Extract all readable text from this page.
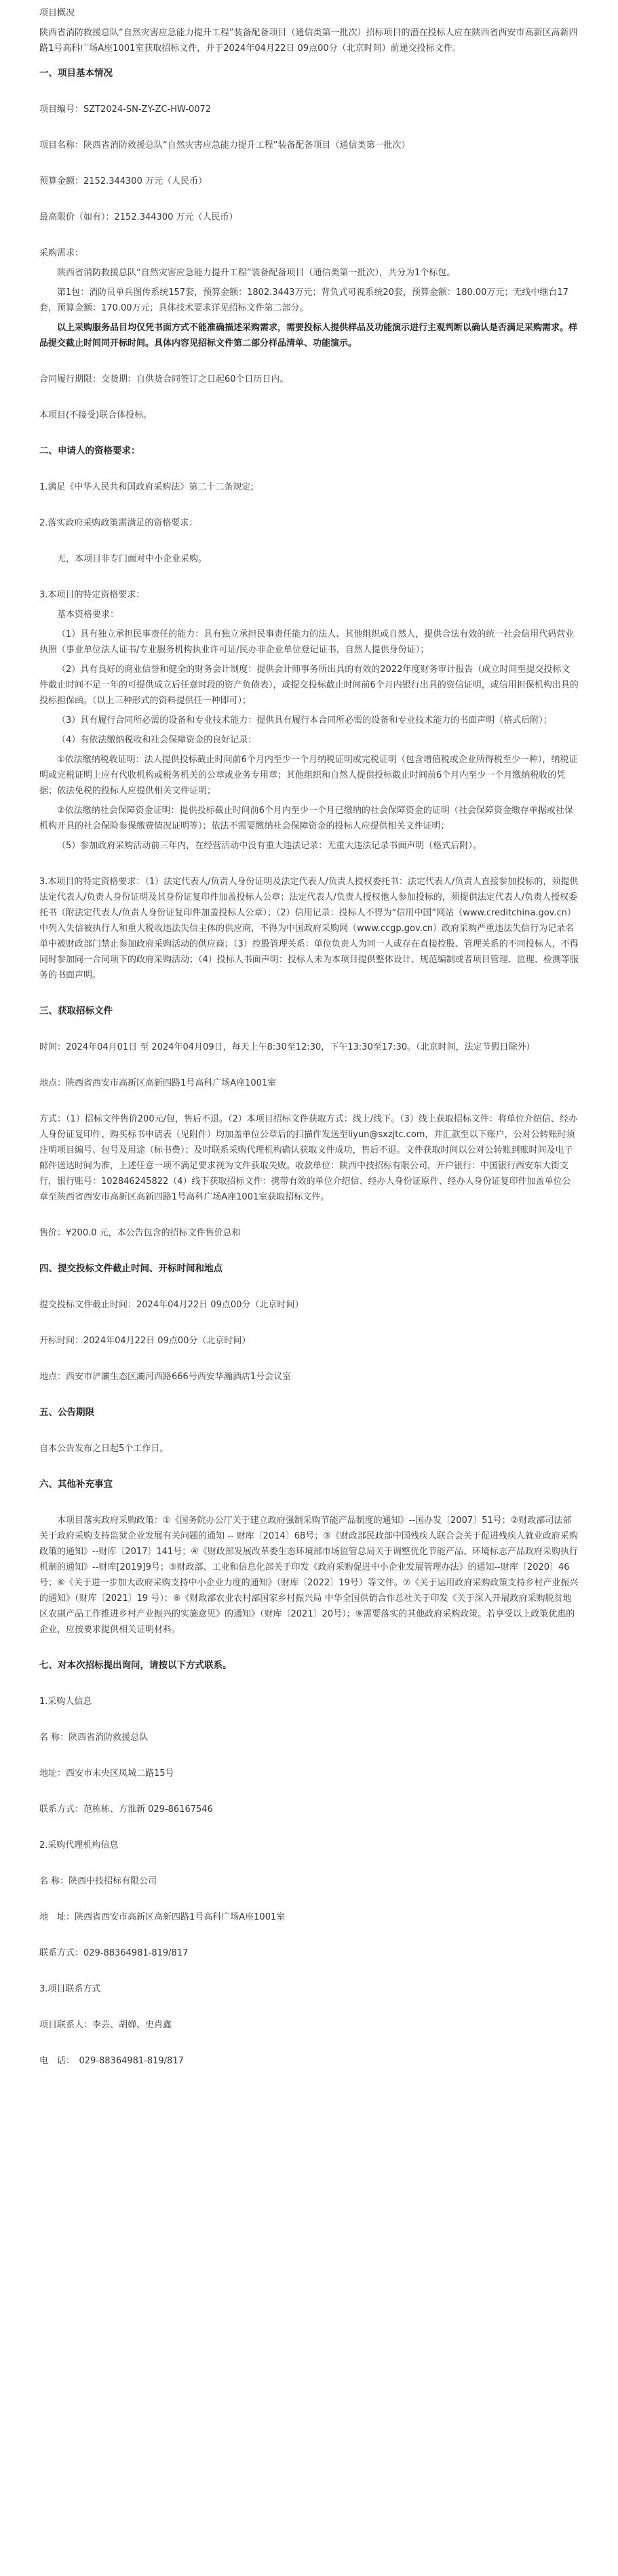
项目概况

陕西省消防救援总队“自然灾害应急能力提升工程”装备配备项目（通信类第一批次）招标项目的潜在投标人应在陕西省西安市高新区高新四路1号高科广场A座1001室获取招标文件，并于2024年04月22日 09点00分（北京时间）前递交投标文件。

一、项目基本情况

项目编号：SZT2024-SN-ZY-ZC-HW-0072

项目名称：陕西省消防救援总队“自然灾害应急能力提升工程”装备配备项目（通信类第一批次）

预算金额：2152.344300 万元（人民币）

最高限价（如有）：2152.344300 万元（人民币）

采购需求：

陕西省消防救援总队“自然灾害应急能力提升工程”装备配备项目（通信类第一批次），共分为1个标包。

第1包：消防员单兵图传系统157套，预算金额：1802.3443万元；背负式可视系统20套，预算金额：180.00万元；无线中继台17套，预算金额：170.00万元；具体技术要求详见招标文件第二部分。

以上采购服务品目均仅凭书面方式不能准确描述采购需求，需要投标人提供样品及功能演示进行主观判断以确认是否满足采购需求。样品提交截止时间同开标时间。具体内容见招标文件第二部分样品清单、功能演示。

合同履行期限：交货期：自供货合同签订之日起60个日历日内。

本项目(不接受)联合体投标。

二、申请人的资格要求：

1.满足《中华人民共和国政府采购法》第二十二条规定;

2.落实政府采购政策需满足的资格要求：

无，本项目非专门面对中小企业采购。

3.本项目的特定资格要求：

基本资格要求：

（1）具有独立承担民事责任的能力：具有独立承担民事责任能力的法人、其他组织或自然人，提供合法有效的统一社会信用代码营业执照（事业单位法人证书/专业服务机构执业许可证/民办非企业单位登记证书，自然人提供身份证）；

（2）具有良好的商业信誉和健全的财务会计制度：提供会计师事务所出具的有效的2022年度财务审计报告（成立时间至提交投标文件截止时间不足一年的可提供成立后任意时段的资产负债表），或提交投标截止时间前6个月内银行出具的资信证明，或信用担保机构出具的投标担保函。（以上三种形式的资料提供任一种即可）；

（3）具有履行合同所必需的设备和专业技术能力：提供具有履行本合同所必需的设备和专业技术能力的书面声明（格式后附）；

（4）有依法缴纳税收和社会保障资金的良好记录：

①依法缴纳税收证明：法人提供投标截止时间前6个月内至少一个月纳税证明或完税证明（包含增值税或企业所得税至少一种），纳税证明或完税证明上应有代收机构或税务机关的公章或业务专用章；其他组织和自然人提供投标截止时间前6个月内至少一个月缴纳税收的凭据；依法免税的投标人应提供相关文件证明；

②依法缴纳社会保障资金证明：提供投标截止时间前6个月内至少一个月已缴纳的社会保障资金的证明（社会保障资金缴存单据或社保机构开具的社会保险参保缴费情况证明等）；依法不需要缴纳社会保障资金的投标人应提供相关文件证明；

（5）参加政府采购活动前三年内，在经营活动中没有重大违法记录：无重大违法记录书面声明（格式后附）。

3.本项目的特定资格要求：（1）法定代表人/负责人身份证明及法定代表人/负责人授权委托书：法定代表人/负责人直接参加投标的，须提供法定代表人/负责人身份证明及其身份证复印件加盖投标人公章；法定代表人/负责人授权他人参加投标的，须提供法定代表人/负责人授权委托书（附法定代表人/负责人身份证复印件加盖投标人公章）；（2）信用记录：投标人不得为“信用中国”网站（www.creditchina.gov.cn）中列入失信被执行人和重大税收违法失信主体的供应商，不得为中国政府采购网（www.ccgp.gov.cn）政府采购严重违法失信行为记录名单中被财政部门禁止参加政府采购活动的供应商；（3）控股管理关系：单位负责人为同一人或存在直接控股、管理关系的不同投标人，不得同时参加同一合同项下的政府采购活动；（4）投标人书面声明：投标人未为本项目提供整体设计、规范编制或者项目管理、监理、检测等服务的书面声明。

三、获取招标文件

时间：2024年04月01日 至 2024年04月09日，每天上午8:30至12:30，下午13:30至17:30。（北京时间，法定节假日除外）

地点：陕西省西安市高新区高新四路1号高科广场A座1001室

方式：（1）招标文件售价200元/包，售后不退。（2）本项目招标文件获取方式：线上/线下。（3）线上获取招标文件：将单位介绍信、经办人身份证复印件、购买标书申请表（见附件）均加盖单位公章后的扫描件发送至liyun@sxzjtc.com，并汇款至以下账户，公对公转账时须注明项目编号、包号及用途（标书费）；及时联系采购代理机构确认获取文件成功，售后不退。文件获取时间以公对公转账到账时间及电子邮件送达时间为准，上述任意一项不满足要求视为文件获取失败。收款单位：陕西中技招标有限公司，开户银行：中国银行西安东大街支行，银行账号：102846245822（4）线下获取招标文件：携带有效的单位介绍信、经办人身份证原件、经办人身份证复印件加盖单位公章至陕西省西安市高新区高新四路1号高科广场A座1001室获取招标文件。

售价：¥200.0 元，本公告包含的招标文件售价总和

四、提交投标文件截止时间、开标时间和地点

提交投标文件截止时间：2024年04月22日 09点00分（北京时间）

开标时间：2024年04月22日 09点00分（北京时间）

地点：西安市浐灞生态区灞河西路666号西安华瀚酒店1号会议室

五、公告期限

自本公告发布之日起5个工作日。

六、其他补充事宜

本项目落实政府采购政策：①《国务院办公厅关于建立政府强制采购节能产品制度的通知》--国办发〔2007〕51号；②财政部司法部关于政府采购支持监狱企业发展有关问题的通知 -- 财库〔2014〕68号；③《财政部民政部中国残疾人联合会关于促进残疾人就业政府采购政策的通知》--财库〔2017〕141号；④《财政部发展改革委生态环境部市场监管总局关于调整优化节能产品、环境标志产品政府采购执行机制的通知》--财库[2019]9号；⑤财政部、工业和信息化部关于印发《政府采购促进中小企业发展管理办法》的通知--财库〔2020〕46号；⑥《关于进一步加大政府采购支持中小企业力度的通知》（财库〔2022〕19号）等文件。⑦《关于运用政府采购政策支持乡村产业振兴的通知》（财库〔2021〕19 号）；⑧《财政部农业农村部国家乡村振兴局 中华全国供销合作总社关于印发《关于深入开展政府采购脱贫地区农副产品工作推进乡村产业振兴的实施意见》的通知》（财库〔2021〕20号）；⑨需要落实的其他政府采购政策。若享受以上政策优惠的企业，应按要求提供相关证明材料。

七、对本次招标提出询问，请按以下方式联系。

1.采购人信息

名 称：陕西省消防救援总队

地址：西安市未央区凤城二路15号

联系方式：范栋栋、方淮新 029-86167546

2.采购代理机构信息

名 称：陕西中技招标有限公司

地　址：陕西省西安市高新区高新四路1号高科广场A座1001室

联系方式：029-88364981-819/817

3.项目联系方式

项目联系人：李芸、胡婵、史肖鑫

电　话：　029-88364981-819/817
